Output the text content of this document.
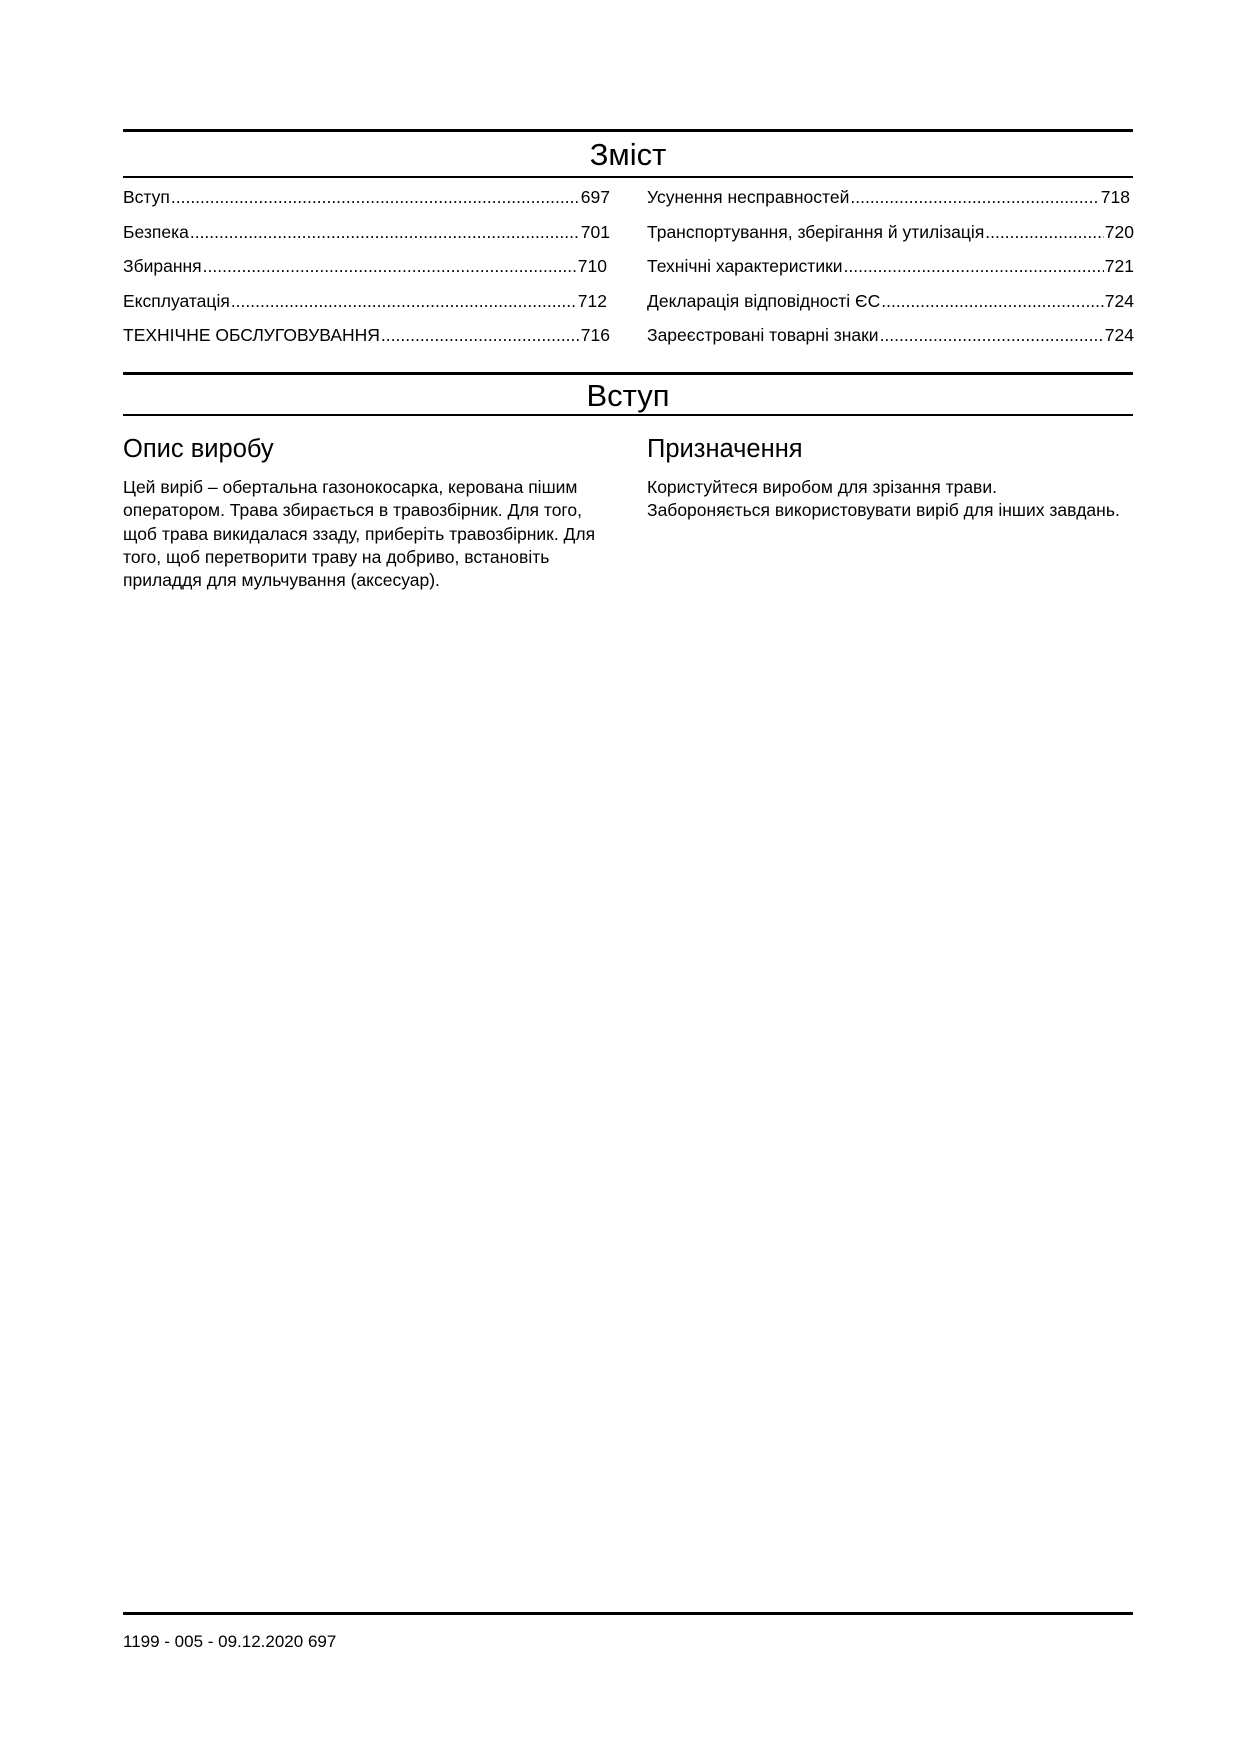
Зміст
Вступ .....	697
Безпека .....	701
Збирання .....	710
Експлуатація .....	712
ТЕХНІЧНЕ ОБСЛУГОВУВАННЯ .....	716
Усунення несправностей .....	718
Транспортування, зберігання й утилізація .....	720
Технічні характеристики .....	721
Декларація відповідності ЄС .....	724
Зареєстровані товарні знаки .....	724
Вступ
Опис виробу

Цей виріб – обертальна газонокосарка, керована пішим оператором. Трава збирається в травозбірник. Для того, щоб трава викидалася ззаду, приберіть травозбірник. Для того, щоб перетворити траву на добриво, встановіть приладдя для мульчування (аксесуар).

Призначення

Користуйтеся виробом для зрізання трави.

Забороняється використовувати виріб для інших завдань.

1199 - 005 - 09.12.2020 697
